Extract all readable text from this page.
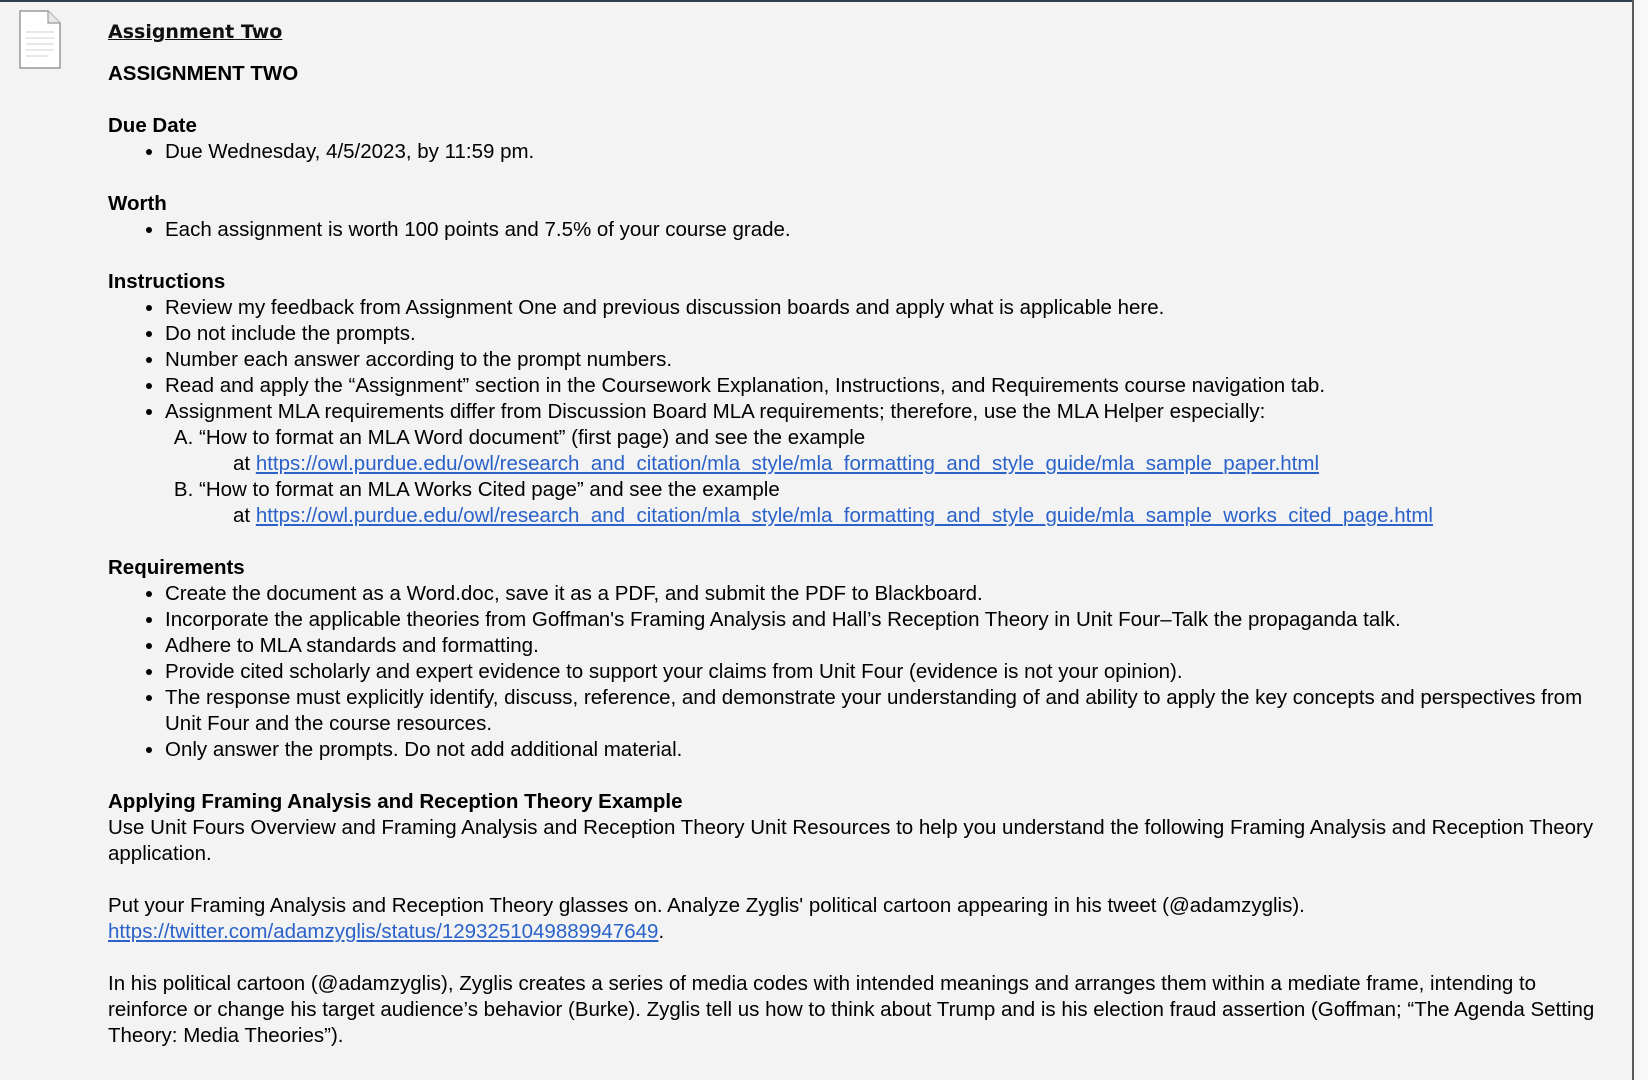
Assignment Two
ASSIGNMENT TWO
Due Date
• Due Wednesday, 4/5/2023, by 11:59 pm.
Worth
• Each assignment is worth 100 points and 7.5% of your course grade.
Instructions
• Review my feedback from Assignment One and previous discussion boards and apply what is applicable here.
• Do not include the prompts.
• Number each answer according to the prompt numbers.
• Read and apply the “Assignment” section in the Coursework Explanation, Instructions, and Requirements course navigation tab.
• Assignment MLA requirements differ from Discussion Board MLA requirements; therefore, use the MLA Helper especially:
A. “How to format an MLA Word document” (first page) and see the example
at https://owl.purdue.edu/owl/research_and_citation/mla_style/mla_formatting_and_style_guide/mla_sample_paper.html
B. “How to format an MLA Works Cited page” and see the example
at https://owl.purdue.edu/owl/research_and_citation/mla_style/mla_formatting_and_style_guide/mla_sample_works_cited_page.html
Requirements
• Create the document as a Word.doc, save it as a PDF, and submit the PDF to Blackboard.
• Incorporate the applicable theories from Goffman's Framing Analysis and Hall’s Reception Theory in Unit Four–Talk the propaganda talk.
• Adhere to MLA standards and formatting.
• Provide cited scholarly and expert evidence to support your claims from Unit Four (evidence is not your opinion).
• The response must explicitly identify, discuss, reference, and demonstrate your understanding of and ability to apply the key concepts and perspectives from Unit Four and the course resources.
• Only answer the prompts. Do not add additional material.
Applying Framing Analysis and Reception Theory Example

Use Unit Fours Overview and Framing Analysis and Reception Theory Unit Resources to help you understand the following Framing Analysis and Reception Theory application.

Put your Framing Analysis and Reception Theory glasses on. Analyze Zyglis' political cartoon appearing in his tweet (@adamzyglis).
https://twitter.com/adamzyglis/status/1293251049889947649.

In his political cartoon (@adamzyglis), Zyglis creates a series of media codes with intended meanings and arranges them within a mediate frame, intending to reinforce or change his target audience’s behavior (Burke). Zyglis tell us how to think about Trump and is his election fraud assertion (Goffman; “The Agenda Setting Theory: Media Theories”).
